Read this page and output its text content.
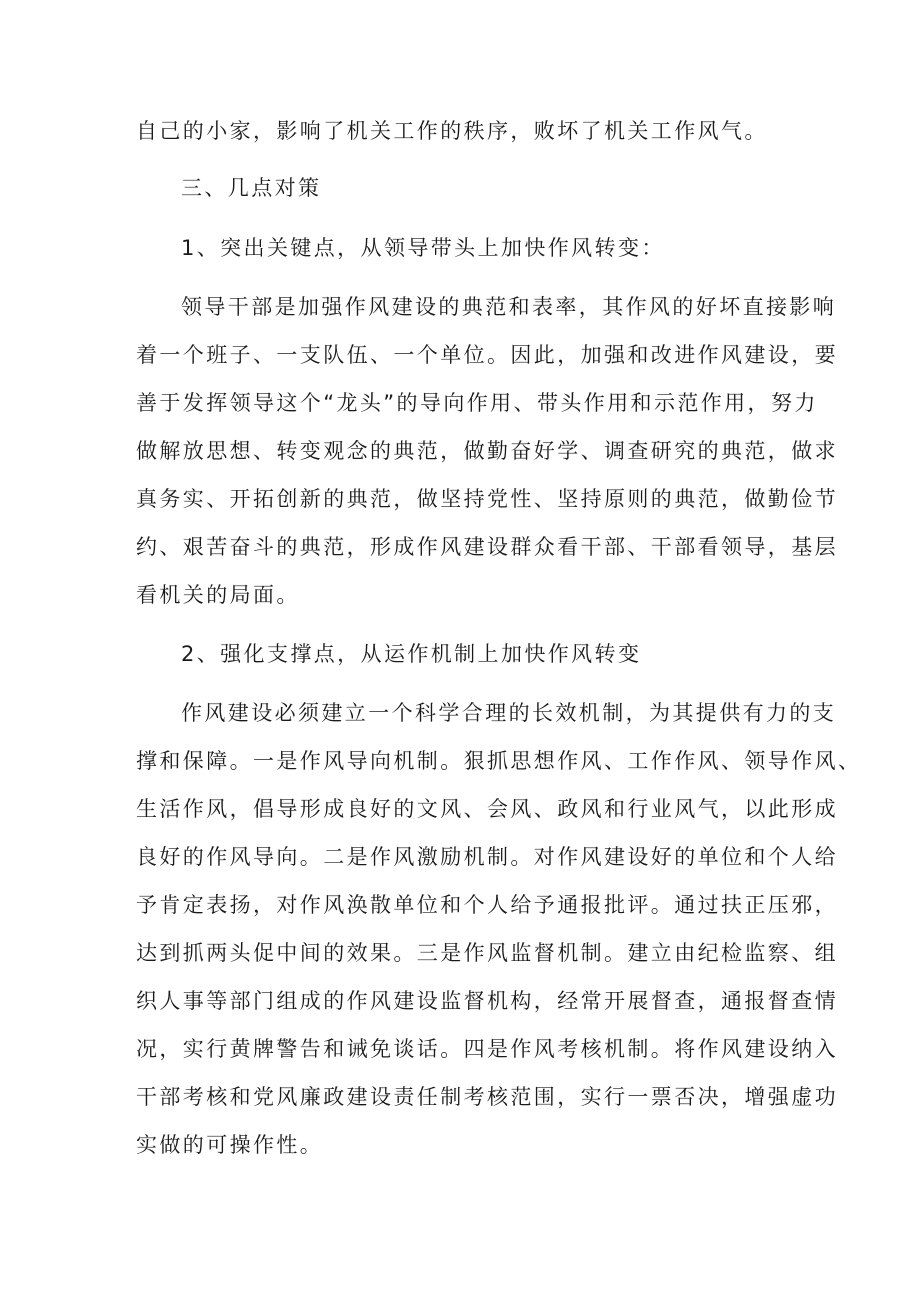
自己的小家，影响了机关工作的秩序，败坏了机关工作风气。
三、几点对策
1、突出关键点，从领导带头上加快作风转变：
领导干部是加强作风建设的典范和表率，其作风的好坏直接影响
着一个班子、一支队伍、一个单位。因此，加强和改进作风建设，要
善于发挥领导这个“龙头”的导向作用、带头作用和示范作用，努力
做解放思想、转变观念的典范，做勤奋好学、调查研究的典范，做求
真务实、开拓创新的典范，做坚持党性、坚持原则的典范，做勤俭节
约、艰苦奋斗的典范，形成作风建设群众看干部、干部看领导，基层
看机关的局面。
2、强化支撑点，从运作机制上加快作风转变
作风建设必须建立一个科学合理的长效机制，为其提供有力的支
撑和保障。一是作风导向机制。狠抓思想作风、工作作风、领导作风、
生活作风，倡导形成良好的文风、会风、政风和行业风气，以此形成
良好的作风导向。二是作风激励机制。对作风建设好的单位和个人给
予肯定表扬，对作风涣散单位和个人给予通报批评。通过扶正压邪，
达到抓两头促中间的效果。三是作风监督机制。建立由纪检监察、组
织人事等部门组成的作风建设监督机构，经常开展督查，通报督查情
况，实行黄牌警告和诫免谈话。四是作风考核机制。将作风建设纳入
干部考核和党风廉政建设责任制考核范围，实行一票否决，增强虚功
实做的可操作性。
